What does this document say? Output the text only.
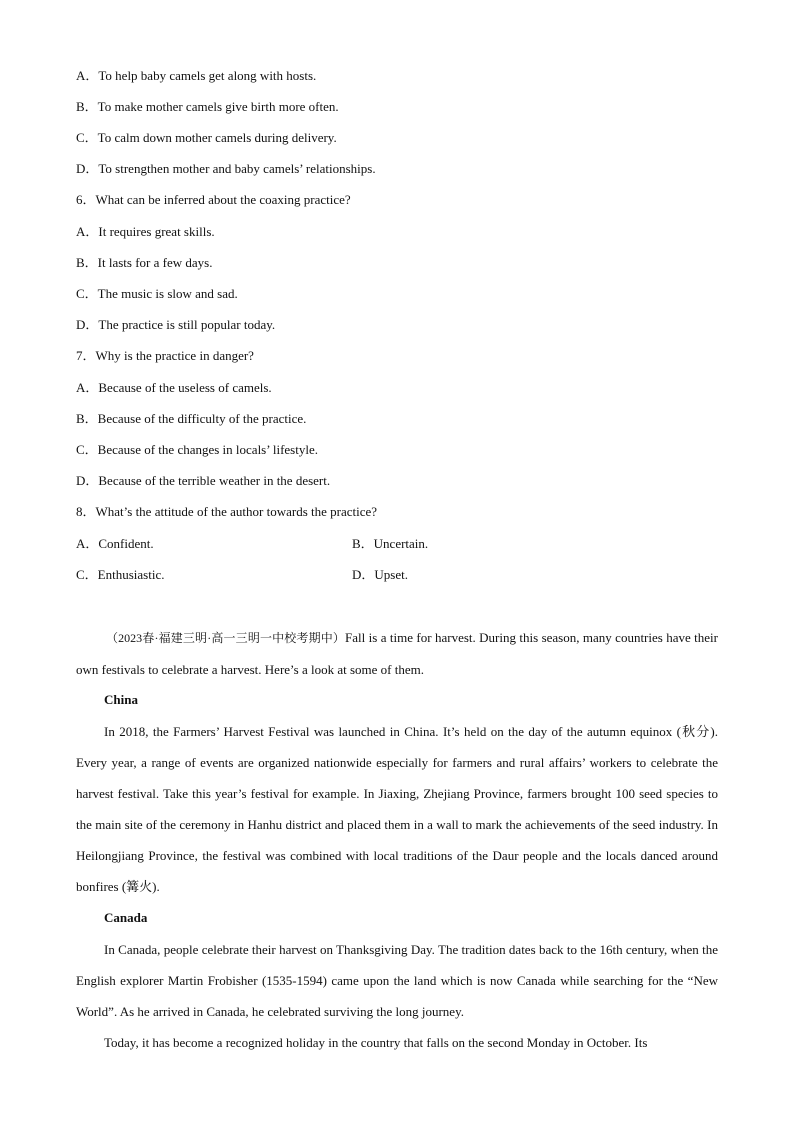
A．To help baby camels get along with hosts.
B．To make mother camels give birth more often.
C．To calm down mother camels during delivery.
D．To strengthen mother and baby camels’ relationships.
6．What can be inferred about the coaxing practice?
A．It requires great skills.
B．It lasts for a few days.
C．The music is slow and sad.
D．The practice is still popular today.
7．Why is the practice in danger?
A．Because of the useless of camels.
B．Because of the difficulty of the practice.
C．Because of the changes in locals’ lifestyle.
D．Because of the terrible weather in the desert.
8．What’s the attitude of the author towards the practice?
A．Confident.	B．Uncertain.
C．Enthusiastic.	D．Upset.

（2023春·福建三明·高一三明一中校考期中）Fall is a time for harvest. During this season, many countries have their own festivals to celebrate a harvest. Here’s a look at some of them.

China

In 2018, the Farmers’ Harvest Festival was launched in China. It’s held on the day of the autumn equinox (秋分). Every year, a range of events are organized nationwide especially for farmers and rural affairs’ workers to celebrate the harvest festival. Take this year’s festival for example. In Jiaxing, Zhejiang Province, farmers brought 100 seed species to the main site of the ceremony in Hanhu district and placed them in a wall to mark the achievements of the seed industry. In Heilongjiang Province, the festival was combined with local traditions of the Daur people and the locals danced around bonfires (篝火).

Canada

In Canada, people celebrate their harvest on Thanksgiving Day. The tradition dates back to the 16th century, when the English explorer Martin Frobisher (1535-1594) came upon the land which is now Canada while searching for the “New World”. As he arrived in Canada, he celebrated surviving the long journey.

Today, it has become a recognized holiday in the country that falls on the second Monday in October. Its
